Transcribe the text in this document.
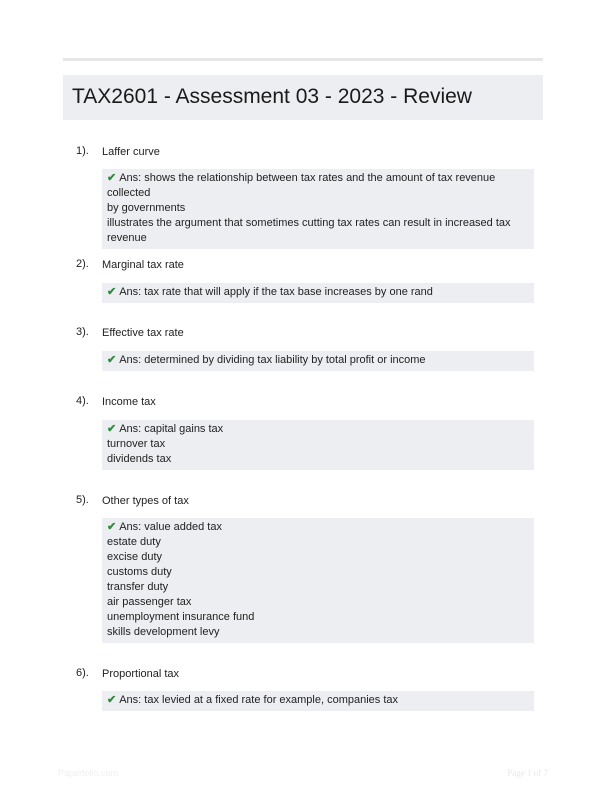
TAX2601 - Assessment 03 - 2023 - Review
1). Laffer curve
✔ Ans: shows the relationship between tax rates and the amount of tax revenue collected
by governments
illustrates the argument that sometimes cutting tax rates can result in increased tax
revenue
2). Marginal tax rate
✔ Ans: tax rate that will apply if the tax base increases by one rand
3). Effective tax rate
✔ Ans: determined by dividing tax liability by total profit or income
4). Income tax
✔ Ans: capital gains tax
turnover tax
dividends tax
5). Other types of tax
✔ Ans: value added tax
estate duty
excise duty
customs duty
transfer duty
air passenger tax
unemployment insurance fund
skills development levy
6). Proportional tax
✔ Ans: tax levied at a fixed rate for example, companies tax
Paperfolio.com	Page 1 of 7
